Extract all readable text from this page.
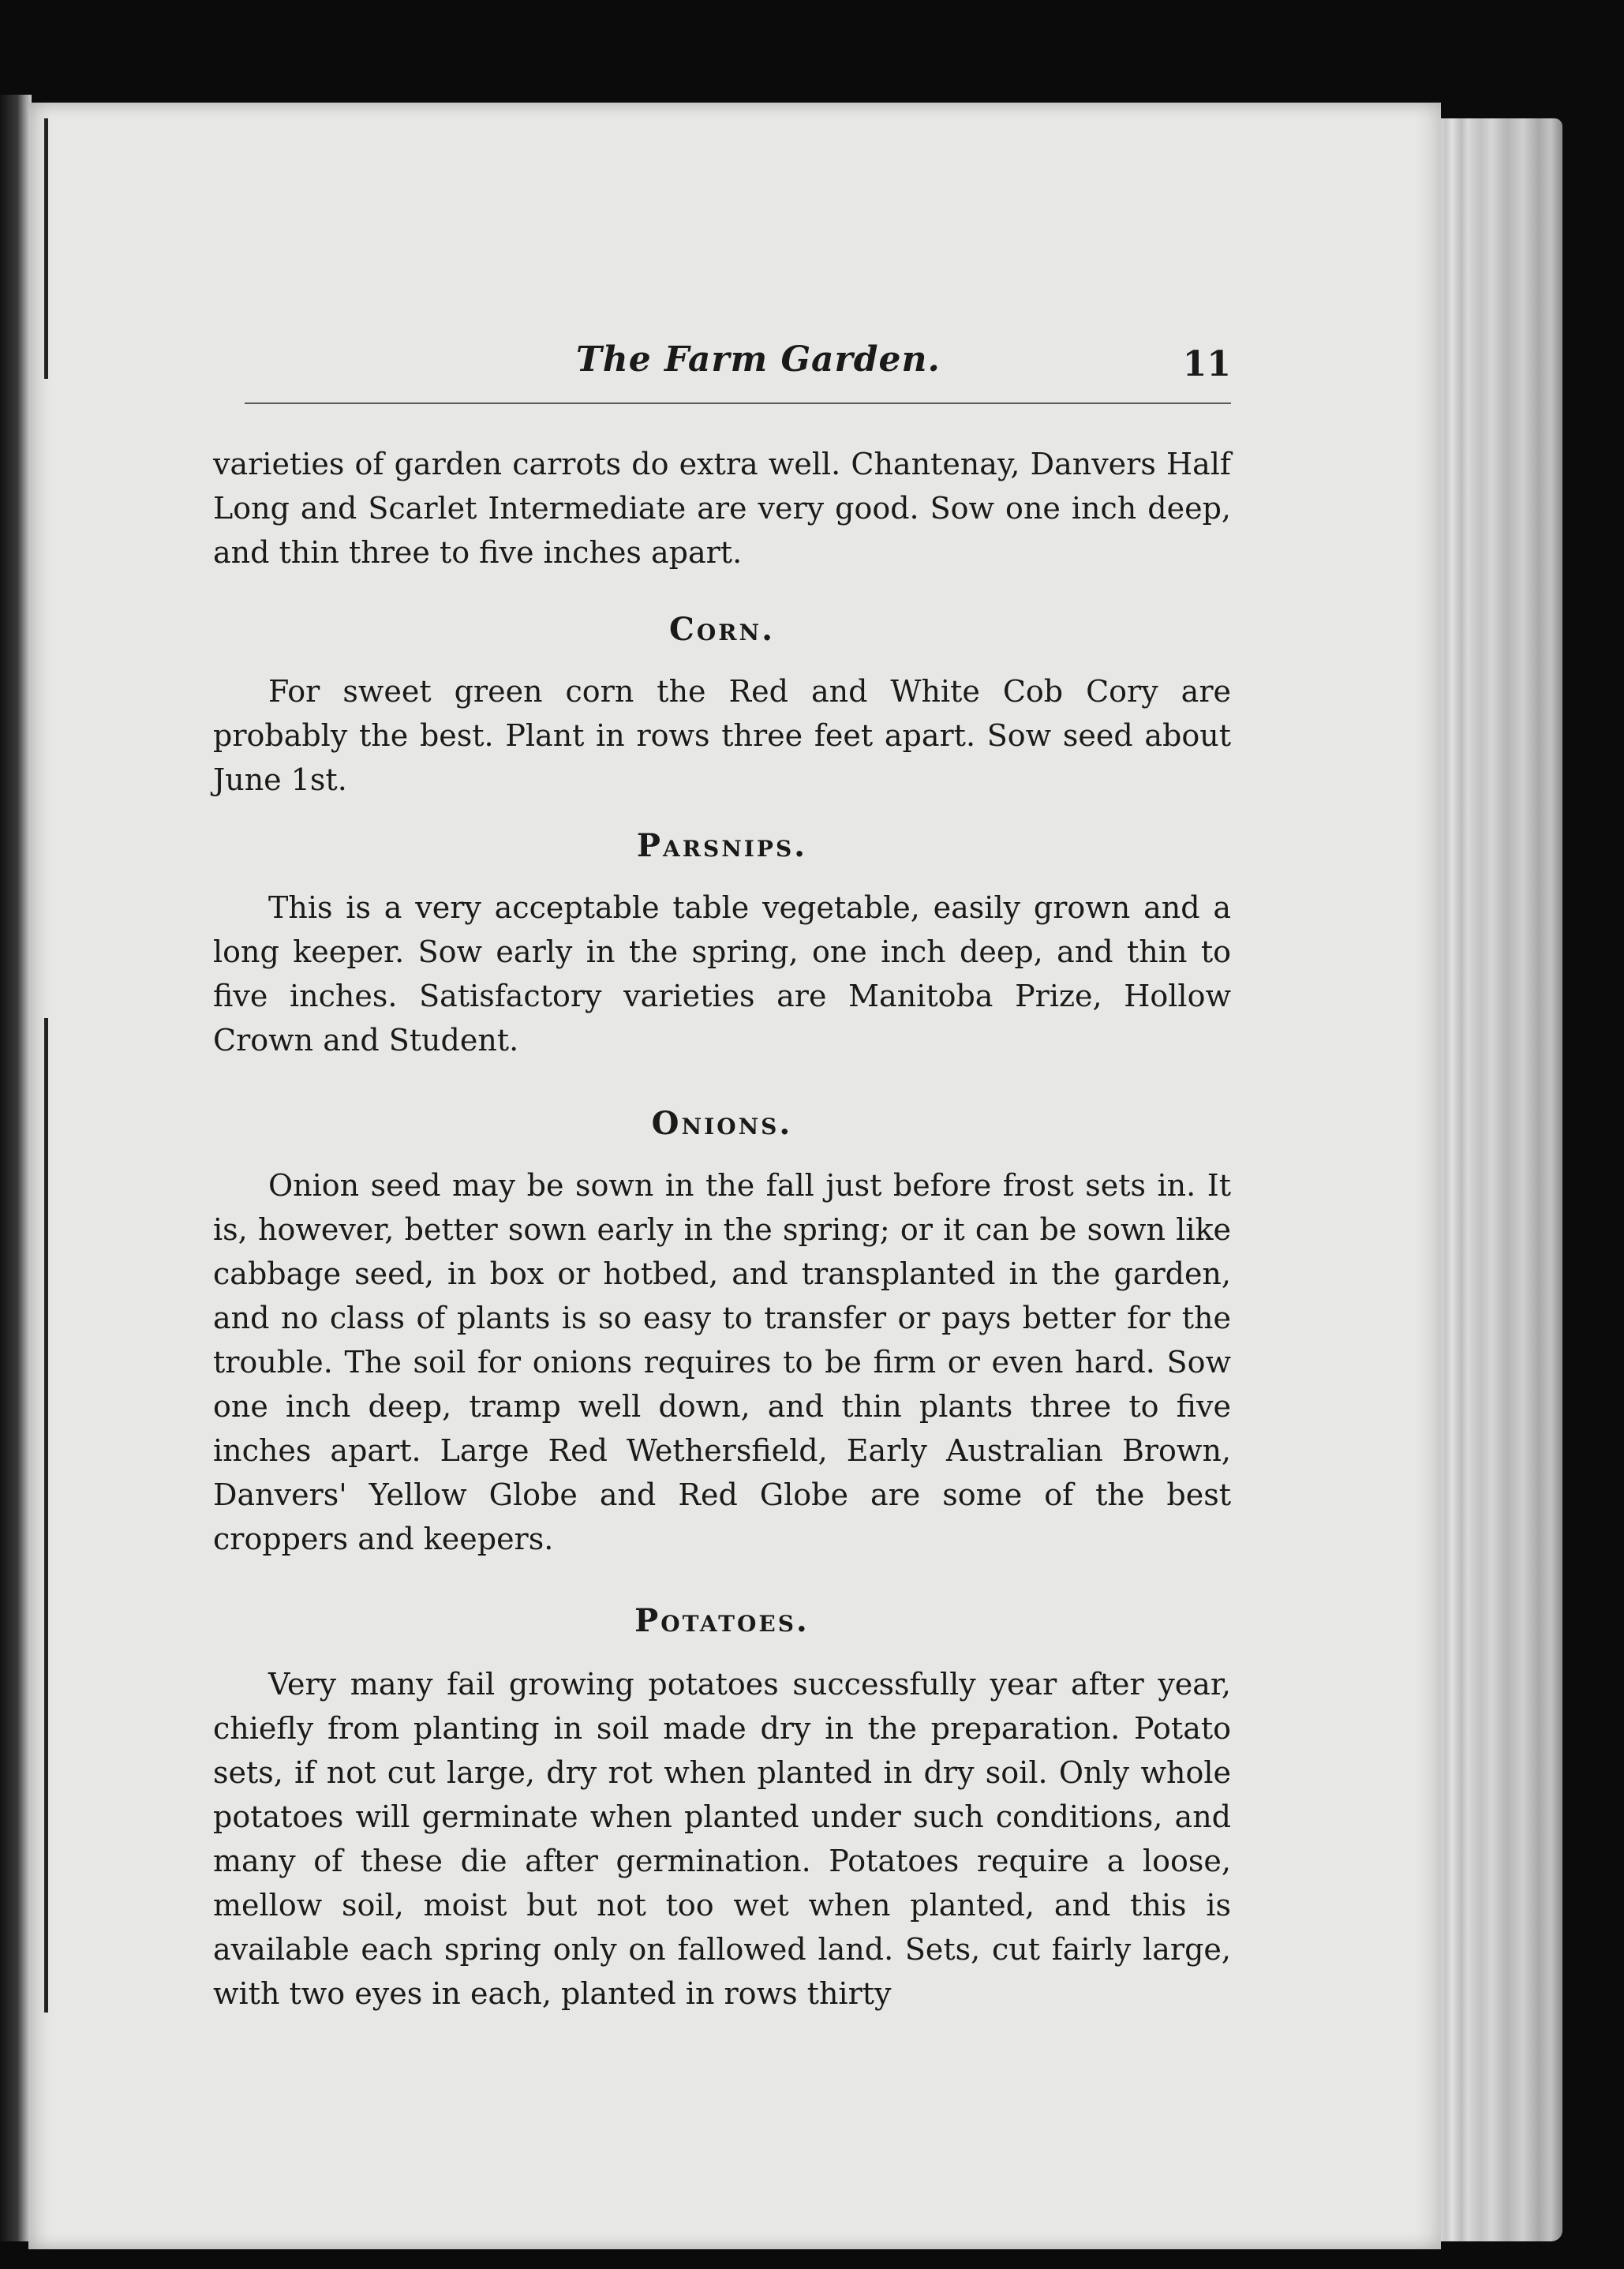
The Farm Garden.	11

varieties of garden carrots do extra well. Chantenay, Danvers Half Long and Scarlet Intermediate are very good. Sow one inch deep, and thin three to five inches apart.

Corn.

For sweet green corn the Red and White Cob Cory are probably the best. Plant in rows three feet apart. Sow seed about June 1st.

Parsnips.

This is a very acceptable table vegetable, easily grown and a long keeper. Sow early in the spring, one inch deep, and thin to five inches. Satisfactory varieties are Manitoba Prize, Hollow Crown and Student.

Onions.

Onion seed may be sown in the fall just before frost sets in. It is, however, better sown early in the spring; or it can be sown like cabbage seed, in box or hotbed, and transplanted in the garden, and no class of plants is so easy to transfer or pays better for the trouble. The soil for onions requires to be firm or even hard. Sow one inch deep, tramp well down, and thin plants three to five inches apart. Large Red Wethersfield, Early Australian Brown, Danvers' Yellow Globe and Red Globe are some of the best croppers and keepers.

Potatoes.

Very many fail growing potatoes successfully year after year, chiefly from planting in soil made dry in the preparation. Potato sets, if not cut large, dry rot when planted in dry soil. Only whole potatoes will germinate when planted under such conditions, and many of these die after germination. Potatoes require a loose, mellow soil, moist but not too wet when planted, and this is available each spring only on fallowed land. Sets, cut fairly large, with two eyes in each, planted in rows thirty
